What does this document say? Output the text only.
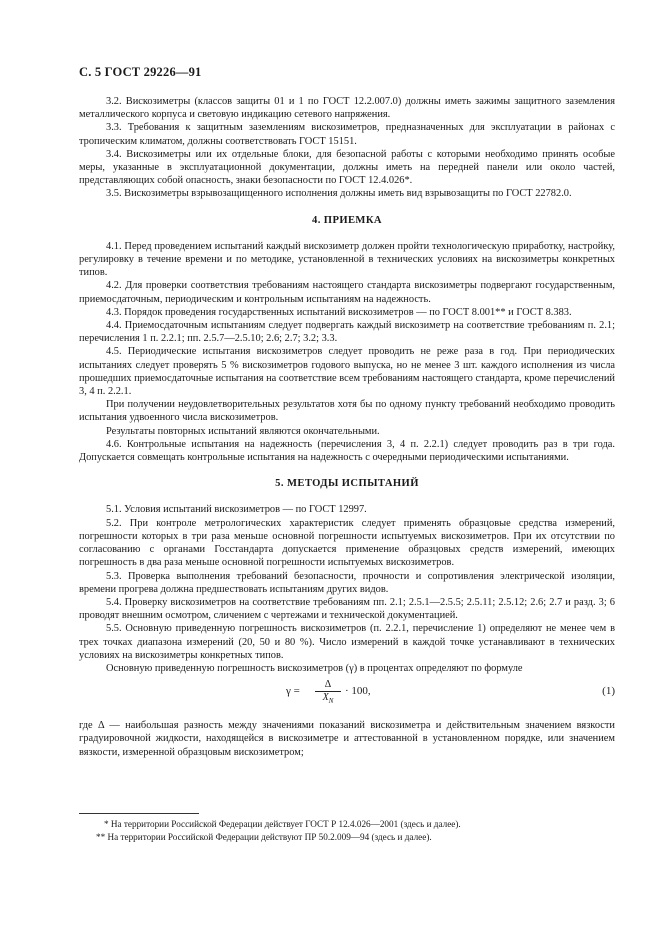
С. 5 ГОСТ 29226—91

3.2. Вискозиметры (классов защиты 01 и 1 по ГОСТ 12.2.007.0) должны иметь зажимы защитного заземления металлического корпуса и световую индикацию сетевого напряжения.

3.3. Требования к защитным заземлениям вискозиметров, предназначенных для эксплуатации в районах с тропическим климатом, должны соответствовать ГОСТ 15151.

3.4. Вискозиметры или их отдельные блоки, для безопасной работы с которыми необходимо принять особые меры, указанные в эксплуатационной документации, должны иметь на передней панели или около частей, представляющих собой опасность, знаки безопасности по ГОСТ 12.4.026*.

3.5. Вискозиметры взрывозащищенного исполнения должны иметь вид взрывозащиты по ГОСТ 22782.0.

4. ПРИЕМКА

4.1. Перед проведением испытаний каждый вискозиметр должен пройти технологическую приработку, настройку, регулировку в течение времени и по методике, установленной в технических условиях на вискозиметры конкретных типов.

4.2. Для проверки соответствия требованиям настоящего стандарта вискозиметры подвергают государственным, приемосдаточным, периодическим и контрольным испытаниям на надежность.

4.3. Порядок проведения государственных испытаний вискозиметров — по ГОСТ 8.001** и ГОСТ 8.383.

4.4. Приемосдаточным испытаниям следует подвергать каждый вискозиметр на соответствие требованиям п. 2.1; перечисления 1 п. 2.2.1; пп. 2.5.7—2.5.10; 2.6; 2.7; 3.2; 3.3.

4.5. Периодические испытания вискозиметров следует проводить не реже раза в год. При периодических испытаниях следует проверять 5 % вискозиметров годового выпуска, но не менее 3 шт. каждого исполнения из числа прошедших приемосдаточные испытания на соответствие всем требованиям настоящего стандарта, кроме перечислений 3, 4 п. 2.2.1.

При получении неудовлетворительных результатов хотя бы по одному пункту требований необходимо проводить испытания удвоенного числа вискозиметров.

Результаты повторных испытаний являются окончательными.

4.6. Контрольные испытания на надежность (перечисления 3, 4 п. 2.2.1) следует проводить раз в три года. Допускается совмещать контрольные испытания на надежность с очередными периодическими испытаниями.

5. МЕТОДЫ ИСПЫТАНИЙ

5.1. Условия испытаний вискозиметров — по ГОСТ 12997.

5.2. При контроле метрологических характеристик следует применять образцовые средства измерений, погрешности которых в три раза меньше основной погрешности испытуемых вискозиметров. При их отсутствии по согласованию с органами Госстандарта допускается применение образцовых средств измерений, имеющих погрешность в два раза меньше основной погрешности испытуемых вискозиметров.

5.3. Проверка выполнения требований безопасности, прочности и сопротивления электрической изоляции, времени прогрева должна предшествовать испытаниям других видов.

5.4. Проверку вискозиметров на соответствие требованиям пп. 2.1; 2.5.1—2.5.5; 2.5.11; 2.5.12; 2.6; 2.7 и разд. 3; 6 проводят внешним осмотром, сличением с чертежами и технической документацией.

5.5. Основную приведенную погрешность вискозиметров (п. 2.2.1, перечисление 1) определяют не менее чем в трех точках диапазона измерений (20, 50 и 80 %). Число измерений в каждой точке устанавливают в технических условиях на вискозиметры конкретных типов.

Основную приведенную погрешность вискозиметров (γ) в процентах определяют по формуле

$\gamma = \frac{\Delta}{X_N} \cdot 100$,	(1)

где Δ — наибольшая разность между значениями показаний вискозиметра и действительным значением вязкости градуировочной жидкости, находящейся в вискозиметре и аттестованной в установленном порядке, или значением вязкости, измеренной образцовым вискозиметром;

* На территории Российской Федерации действует ГОСТ Р 12.4.026—2001 (здесь и далее).
** На территории Российской Федерации действуют ПР 50.2.009—94 (здесь и далее).
